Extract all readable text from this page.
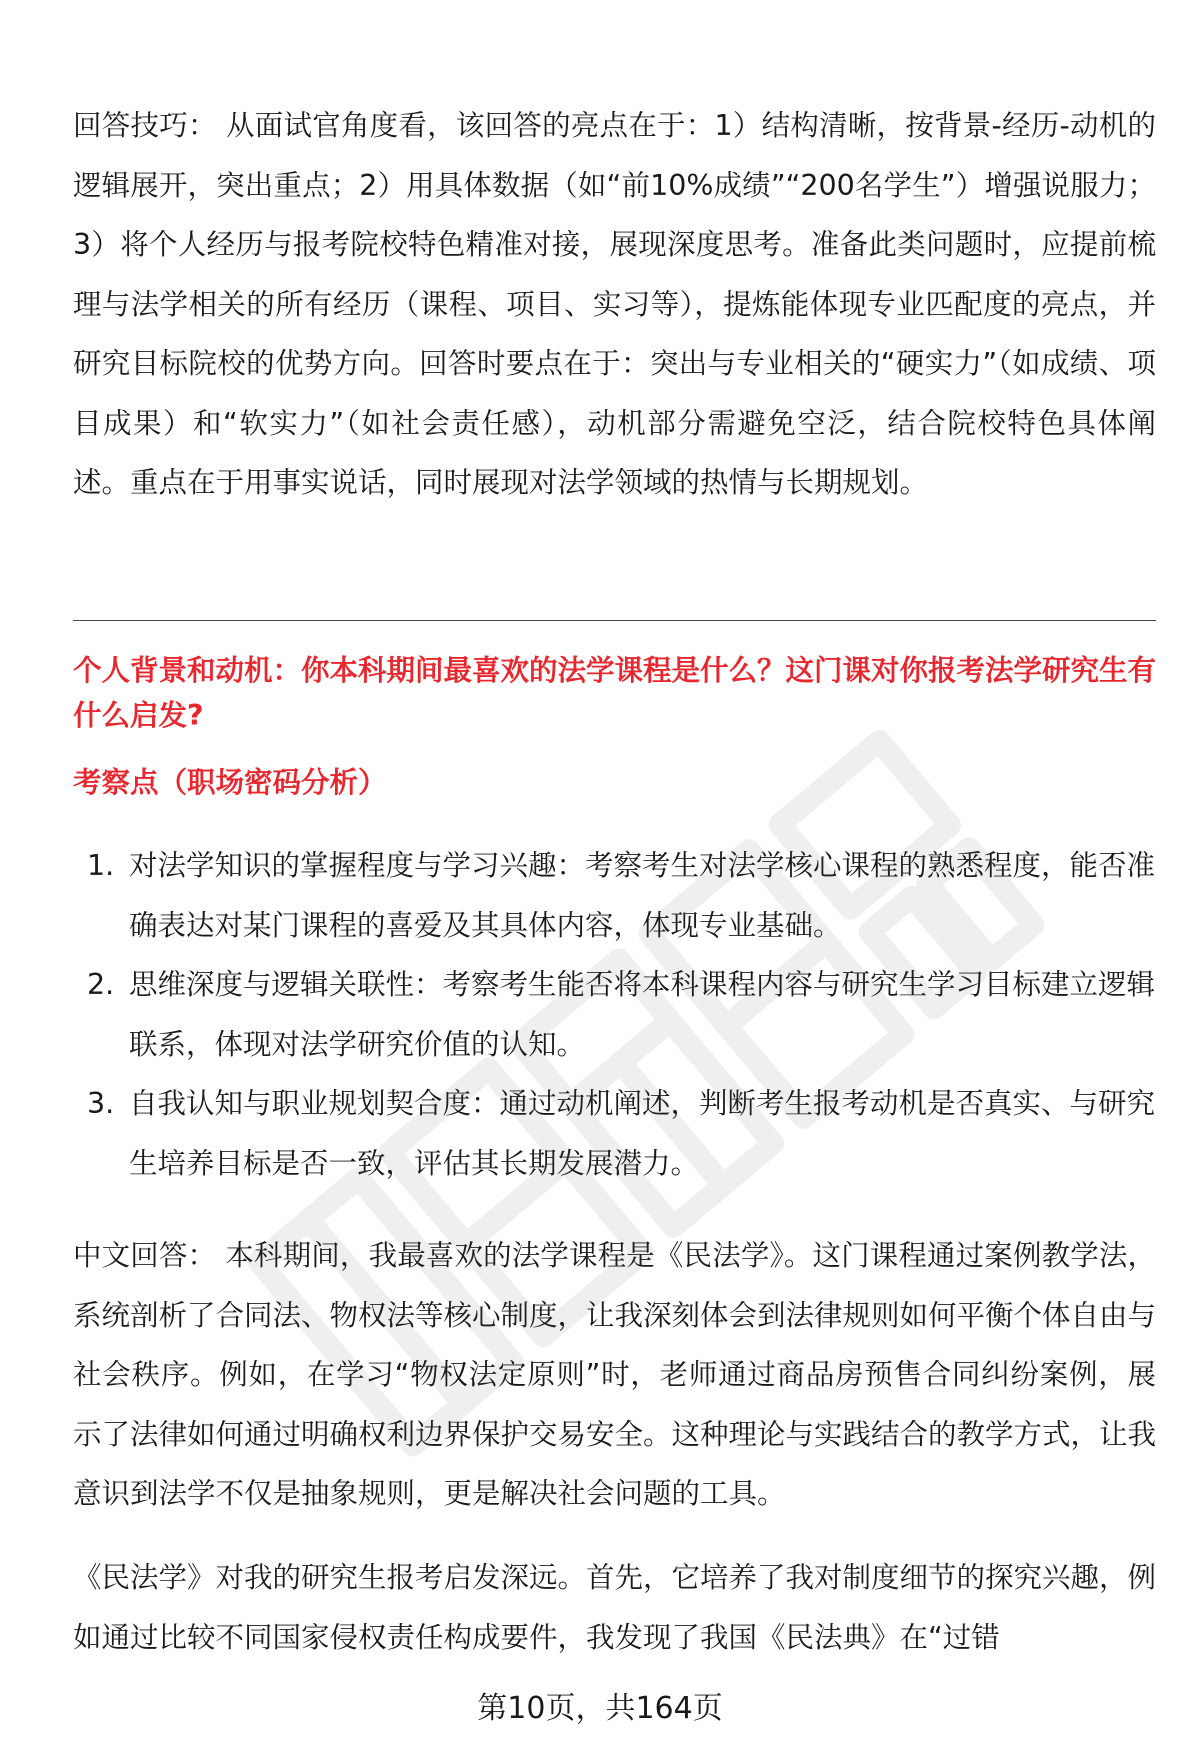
回答技巧： 从面试官角度看，该回答的亮点在于：1）结构清晰，按背景-经历-动机的逻辑展开，突出重点；2）用具体数据（如“前10%成绩”“200名学生”）增强说服力；3）将个人经历与报考院校特色精准对接，展现深度思考。准备此类问题时，应提前梳理与法学相关的所有经历（课程、项目、实习等），提炼能体现专业匹配度的亮点，并研究目标院校的优势方向。回答时要点在于：突出与专业相关的“硬实力”（如成绩、项目成果）和“软实力”（如社会责任感），动机部分需避免空泛，结合院校特色具体阐述。重点在于用事实说话，同时展现对法学领域的热情与长期规划。

个人背景和动机：你本科期间最喜欢的法学课程是什么？这门课对你报考法学研究生有什么启发?

考察点（职场密码分析）

1. 对法学知识的掌握程度与学习兴趣：考察考生对法学核心课程的熟悉程度，能否准确表达对某门课程的喜爱及其具体内容，体现专业基础。
2. 思维深度与逻辑关联性：考察考生能否将本科课程内容与研究生学习目标建立逻辑联系，体现对法学研究价值的认知。
3. 自我认知与职业规划契合度：通过动机阐述，判断考生报考动机是否真实、与研究生培养目标是否一致，评估其长期发展潜力。

中文回答： 本科期间，我最喜欢的法学课程是《民法学》。这门课程通过案例教学法，系统剖析了合同法、物权法等核心制度，让我深刻体会到法律规则如何平衡个体自由与社会秩序。例如，在学习“物权法定原则”时，老师通过商品房预售合同纠纷案例，展示了法律如何通过明确权利边界保护交易安全。这种理论与实践结合的教学方式，让我意识到法学不仅是抽象规则，更是解决社会问题的工具。

《民法学》对我的研究生报考启发深远。首先，它培养了我对制度细节的探究兴趣，例如通过比较不同国家侵权责任构成要件，我发现了我国《民法典》在“过错

第10页，共164页
